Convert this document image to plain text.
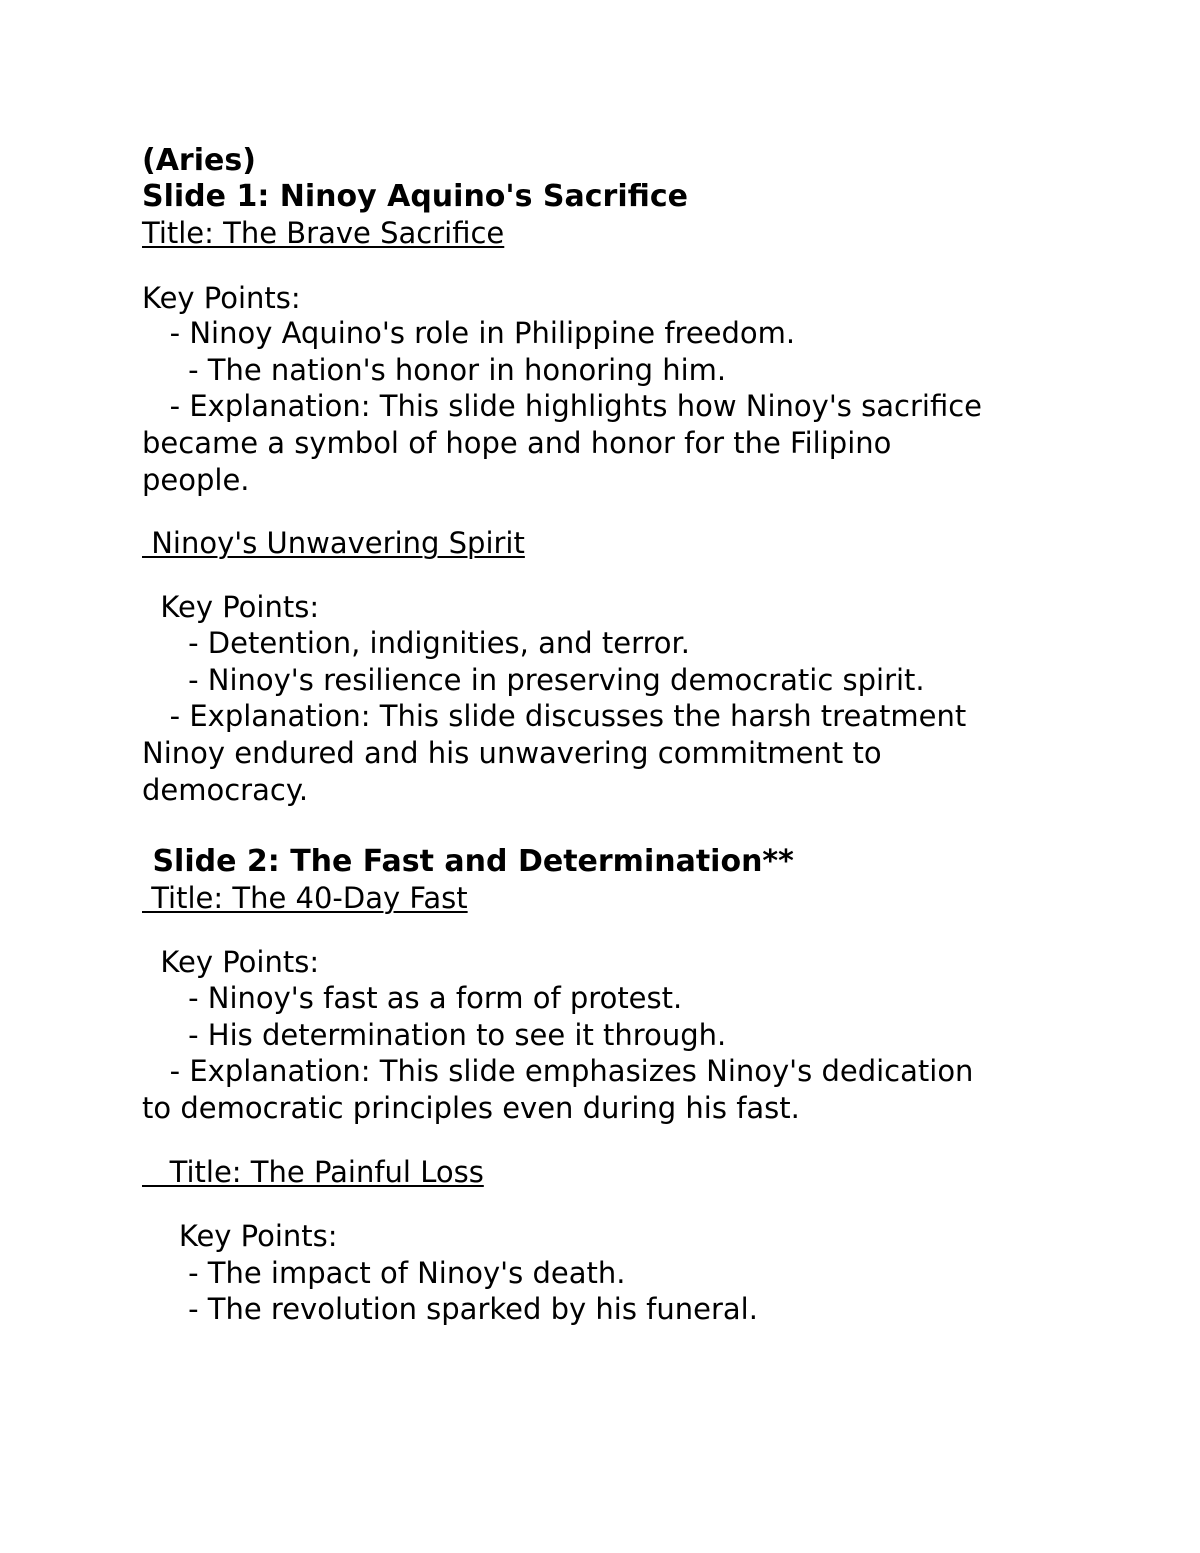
(Aries)
Slide 1: Ninoy Aquino's Sacrifice
Title: The Brave Sacrifice
Key Points:
- Ninoy Aquino's role in Philippine freedom.
- The nation's honor in honoring him.
- Explanation: This slide highlights how Ninoy's sacrifice
became a symbol of hope and honor for the Filipino
people.
Ninoy's Unwavering Spirit
Key Points:
- Detention, indignities, and terror.
- Ninoy's resilience in preserving democratic spirit.
- Explanation: This slide discusses the harsh treatment
Ninoy endured and his unwavering commitment to
democracy.
Slide 2: The Fast and Determination**
Title: The 40-Day Fast
Key Points:
- Ninoy's fast as a form of protest.
- His determination to see it through.
- Explanation: This slide emphasizes Ninoy's dedication
to democratic principles even during his fast.
Title: The Painful Loss
Key Points:
- The impact of Ninoy's death.
- The revolution sparked by his funeral.
